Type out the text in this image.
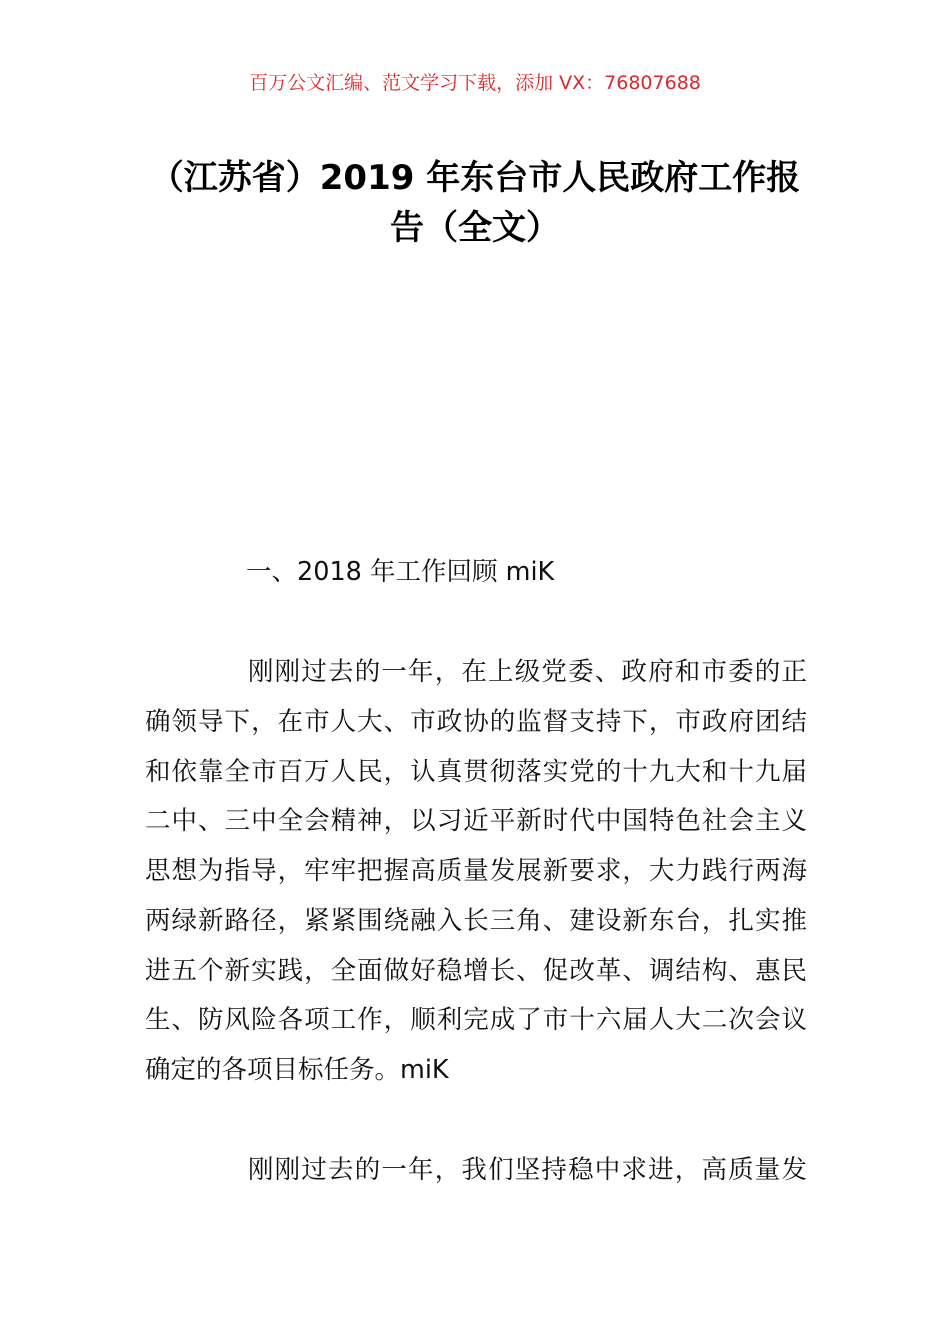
百万公文汇编、范文学习下载，添加 VX：76807688
（江苏省）2019 年东台市人民政府工作报
告（全文）
一、2018 年工作回顾 miK
刚刚过去的一年，在上级党委、政府和市委的正
确领导下，在市人大、市政协的监督支持下，市政府团结
和依靠全市百万人民，认真贯彻落实党的十九大和十九届
二中、三中全会精神，以习近平新时代中国特色社会主义
思想为指导，牢牢把握高质量发展新要求，大力践行两海
两绿新路径，紧紧围绕融入长三角、建设新东台，扎实推
进五个新实践，全面做好稳增长、促改革、调结构、惠民
生、防风险各项工作，顺利完成了市十六届人大二次会议
确定的各项目标任务。miK
刚刚过去的一年，我们坚持稳中求进，高质量发
